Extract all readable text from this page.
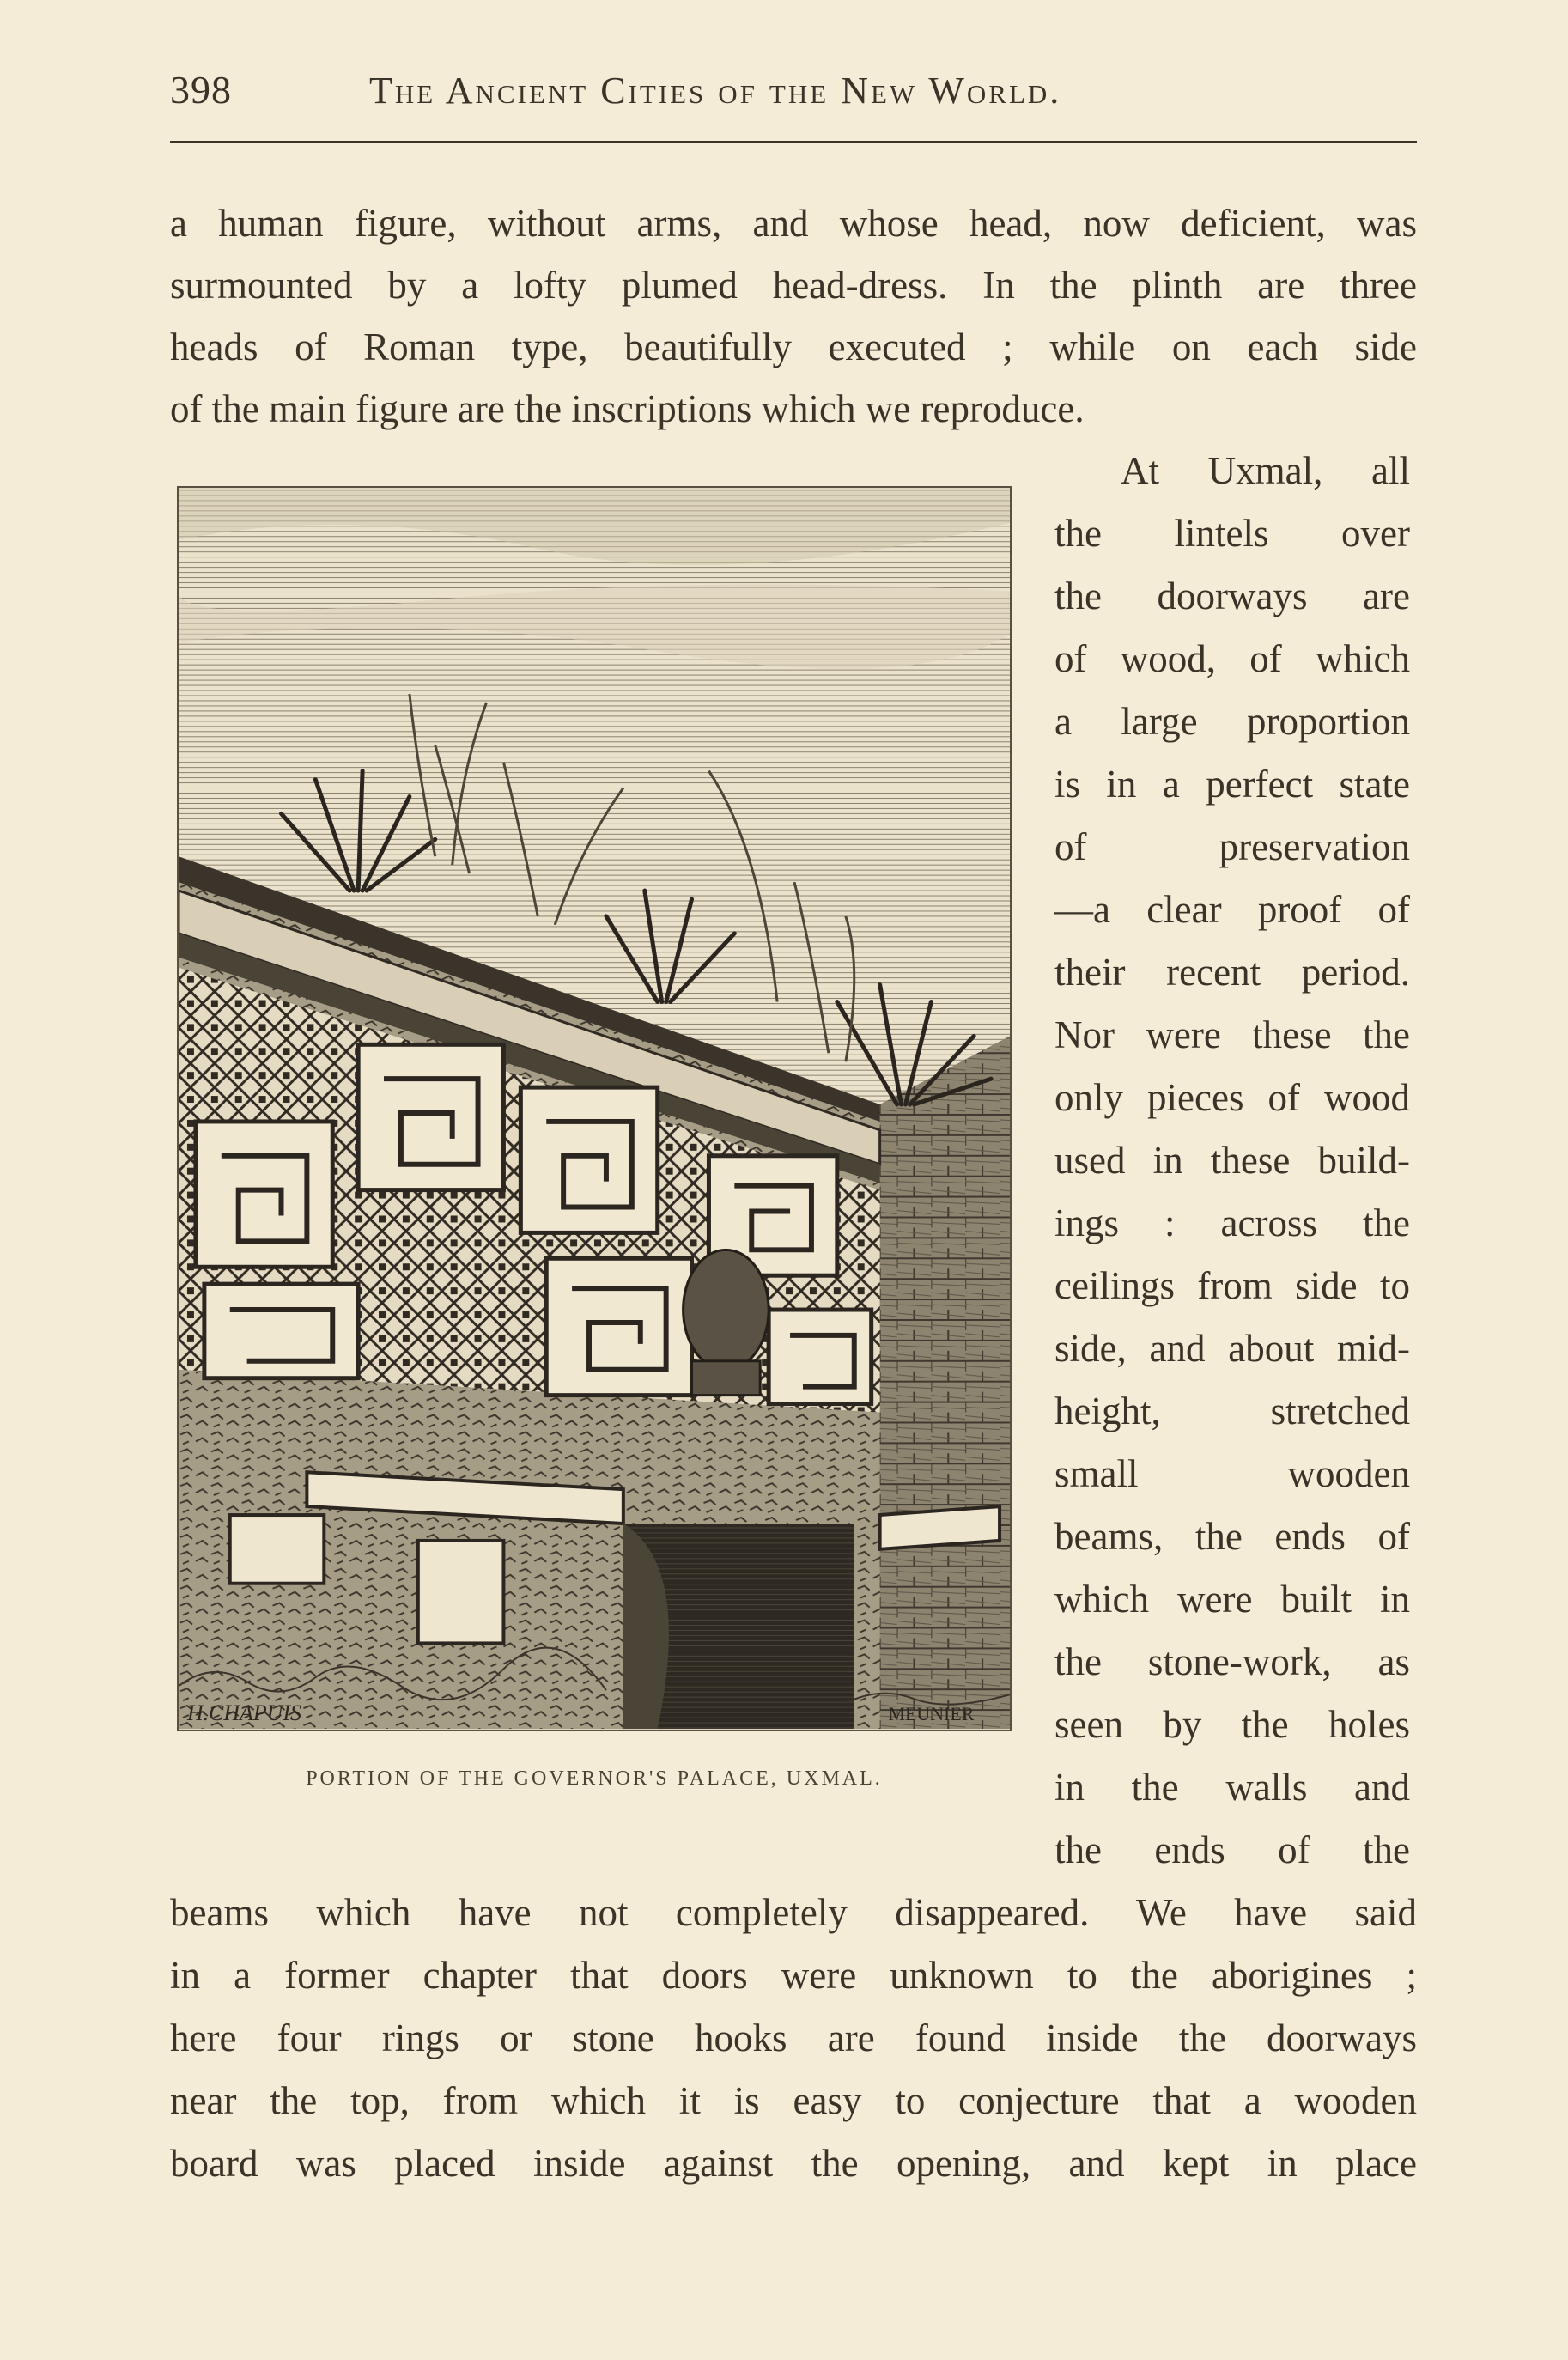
398	The Ancient Cities of the New World.
a human figure, without arms, and whose head, now deficient, was
surmounted by a lofty plumed head-dress. In the plinth are three
heads of Roman type, beautifully executed ; while on each side
of the main figure are the inscriptions which we reproduce.
At Uxmal, all
the lintels over
the doorways are
of wood, of which
a large proportion
is in a perfect state
of preservation
—a clear proof of
their recent period.
Nor were these the
only pieces of wood
used in these build-
ings : across the
ceilings from side to
side, and about mid-
height, stretched
small wooden
beams, the ends of
which were built in
the stone-work, as
seen by the holes
in the walls and
the ends of the
beams which have not completely disappeared. We have said
in a former chapter that doors were unknown to the aborigines ;
here four rings or stone hooks are found inside the doorways
near the top, from which it is easy to conjecture that a wooden
board was placed inside against the opening, and kept in place
H.CHAPUIS	MEUNIER
PORTION OF THE GOVERNOR'S PALACE, UXMAL.
